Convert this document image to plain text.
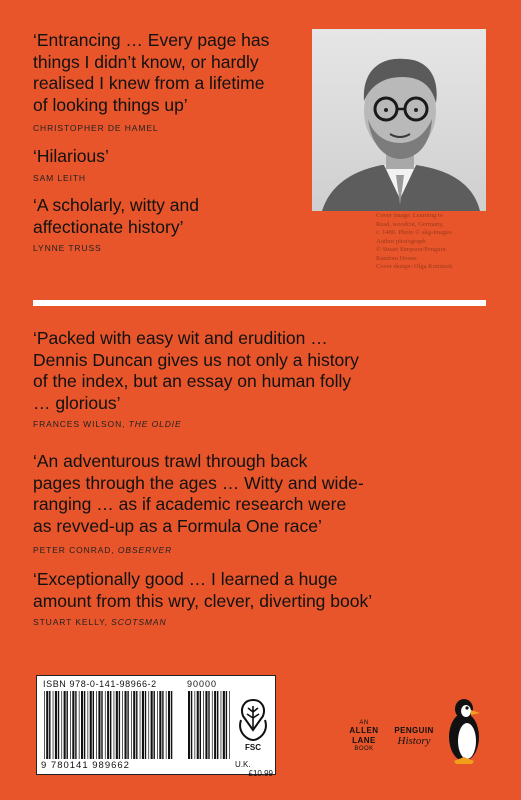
‘Entrancing … Every page has
things I didn’t know, or hardly
realised I knew from a lifetime
of looking things up’
CHRISTOPHER DE HAMEL
‘Hilarious’
SAM LEITH
‘A scholarly, witty and
affectionate history’
LYNNE TRUSS
Cover image: Learning to
Read, woodcut, Germany,
c. 1480. Photo © akg-images
Author photograph
© Stuart Simpson/Penguin
Random House.
Cover design: Olga Kominek
‘Packed with easy wit and erudition …
Dennis Duncan gives us not only a history
of the index, but an essay on human folly
… glorious’
FRANCES WILSON, THE OLDIE
‘An adventurous trawl through back
pages through the ages … Witty and wide-
ranging … as if academic research were
as revved-up as a Formula One race’
PETER CONRAD, OBSERVER
‘Exceptionally good … I learned a huge
amount from this wry, clever, diverting book’
STUART KELLY, SCOTSMAN
ISBN 978-0-141-98966-2
9 780141 989662
90000
FSC
U.K.
£10.99
AN
ALLEN
LANE
BOOK
PENGUIN
History
